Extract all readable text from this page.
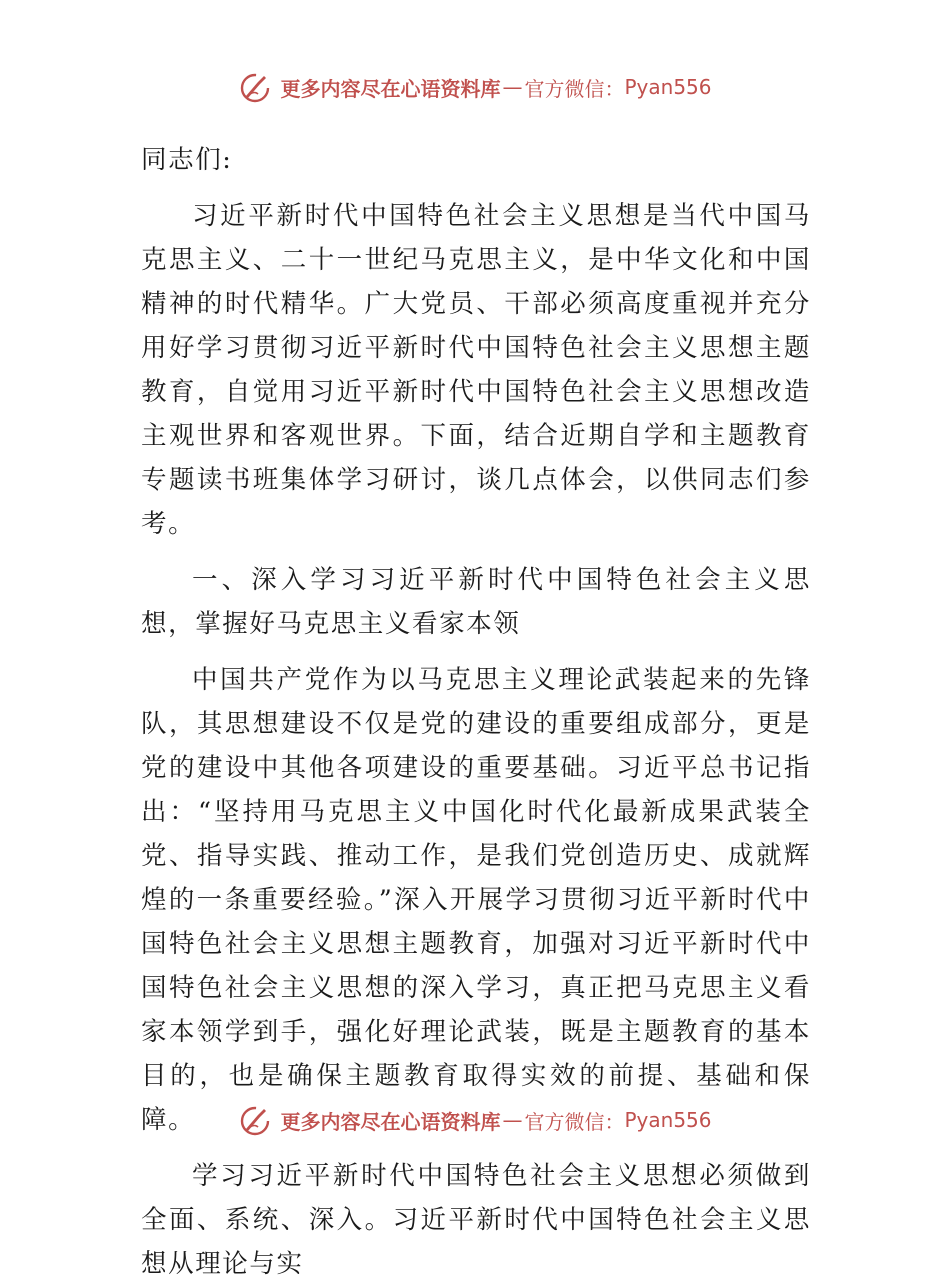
更多内容尽在心语资料库 — 官方微信： Pyan556

同志们:

习近平新时代中国特色社会主义思想是当代中国马克思主义、二十一世纪马克思主义，是中华文化和中国精神的时代精华。广大党员、干部必须高度重视并充分用好学习贯彻习近平新时代中国特色社会主义思想主题教育，自觉用习近平新时代中国特色社会主义思想改造主观世界和客观世界。下面，结合近期自学和主题教育专题读书班集体学习研讨，谈几点体会，以供同志们参考。

一、深入学习习近平新时代中国特色社会主义思想，掌握好马克思主义看家本领

中国共产党作为以马克思主义理论武装起来的先锋队，其思想建设不仅是党的建设的重要组成部分，更是党的建设中其他各项建设的重要基础。习近平总书记指出：“坚持用马克思主义中国化时代化最新成果武装全党、指导实践、推动工作，是我们党创造历史、成就辉煌的一条重要经验。”深入开展学习贯彻习近平新时代中国特色社会主义思想主题教育，加强对习近平新时代中国特色社会主义思想的深入学习，真正把马克思主义看家本领学到手，强化好理论武装，既是主题教育的基本目的，也是确保主题教育取得实效的前提、基础和保障。

学习习近平新时代中国特色社会主义思想必须做到全面、系统、深入。习近平新时代中国特色社会主义思想从理论与实

更多内容尽在心语资料库 — 官方微信： Pyan556
